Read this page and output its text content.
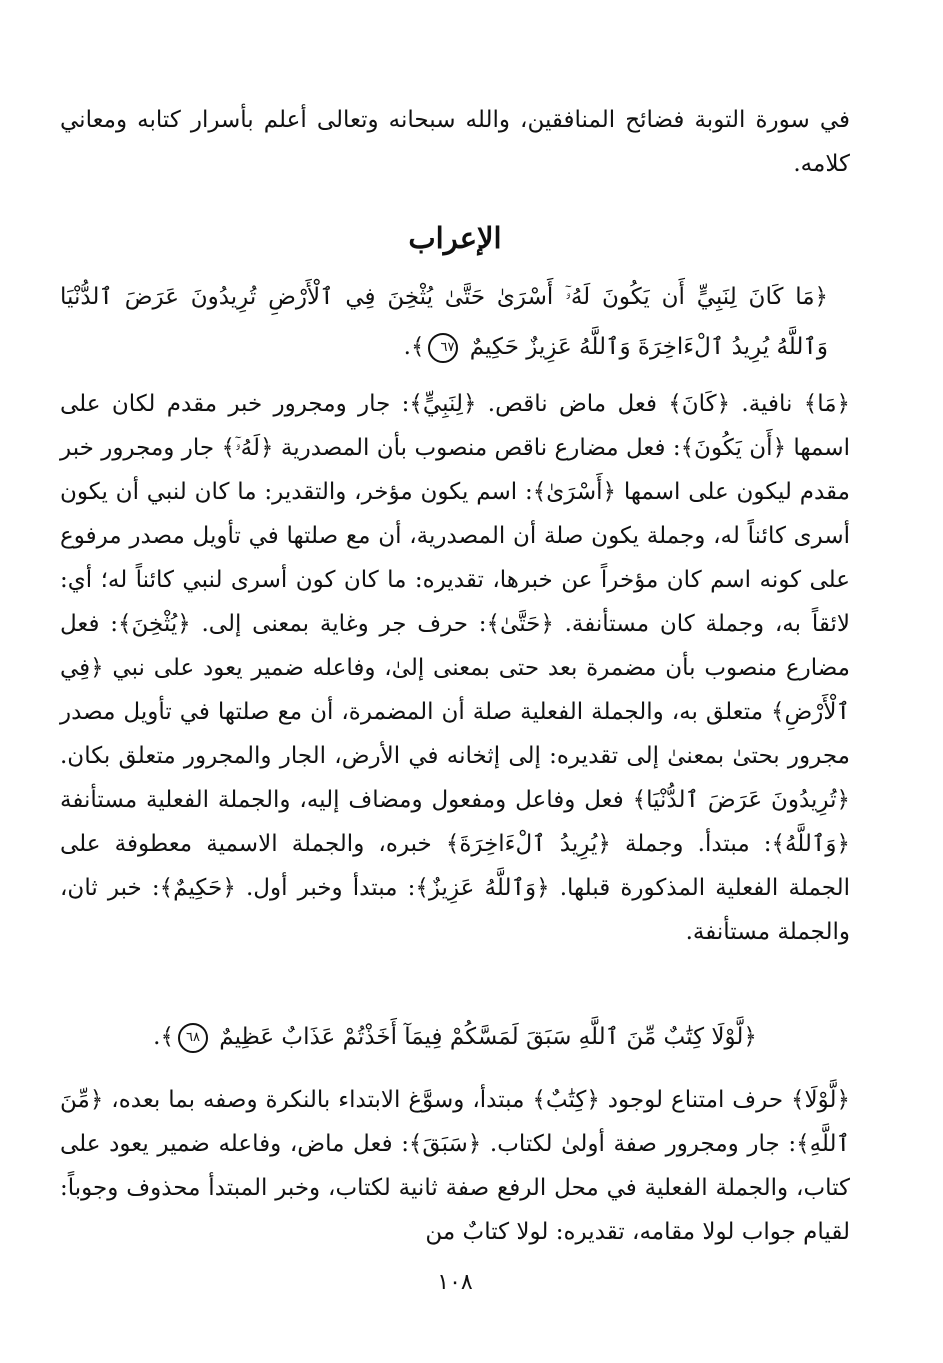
في سورة التوبة فضائح المنافقين، والله سبحانه وتعالى أعلم بأسرار كتابه ومعاني كلامه.
الإعراب
﴿مَا كَانَ لِنَبِيٍّ أَن يَكُونَ لَهُۥٓ أَسْرَىٰ حَتَّىٰ يُثْخِنَ فِي ٱلْأَرْضِ تُرِيدُونَ عَرَضَ ٱلدُّنْيَا وَٱللَّهُ يُرِيدُ ٱلْءَاخِرَةَ وَٱللَّهُ عَزِيزٌ حَكِيمٌ ٦٧﴾.
﴿مَا﴾ نافية. ﴿كَانَ﴾ فعل ماض ناقص. ﴿لِنَبِيٍّ﴾: جار ومجرور خبر مقدم لكان على اسمها ﴿أَن يَكُونَ﴾: فعل مضارع ناقص منصوب بأن المصدرية ﴿لَهُۥٓ﴾ جار ومجرور خبر مقدم ليكون على اسمها ﴿أَسْرَىٰ﴾: اسم يكون مؤخر، والتقدير: ما كان لنبي أن يكون أسرى كائناً له، وجملة يكون صلة أن المصدرية، أن مع صلتها في تأويل مصدر مرفوع على كونه اسم كان مؤخراً عن خبرها، تقديره: ما كان كون أسرى لنبي كائناً له؛ أي: لائقاً به، وجملة كان مستأنفة. ﴿حَتَّىٰ﴾: حرف جر وغاية بمعنى إلى. ﴿يُثْخِنَ﴾: فعل مضارع منصوب بأن مضمرة بعد حتى بمعنى إلىٰ، وفاعله ضمير يعود على نبي ﴿فِي ٱلْأَرْضِ﴾ متعلق به، والجملة الفعلية صلة أن المضمرة، أن مع صلتها في تأويل مصدر مجرور بحتىٰ بمعنىٰ إلى تقديره: إلى إثخانه في الأرض، الجار والمجرور متعلق بكان. ﴿تُرِيدُونَ عَرَضَ ٱلدُّنْيَا﴾ فعل وفاعل ومفعول ومضاف إليه، والجملة الفعلية مستأنفة ﴿وَٱللَّهُ﴾: مبتدأ. وجملة ﴿يُرِيدُ ٱلْءَاخِرَةَ﴾ خبره، والجملة الاسمية معطوفة على الجملة الفعلية المذكورة قبلها. ﴿وَٱللَّهُ عَزِيزٌ﴾: مبتدأ وخبر أول. ﴿حَكِيمٌ﴾: خبر ثان، والجملة مستأنفة.
﴿لَّوْلَا كِتَٰبٌ مِّنَ ٱللَّهِ سَبَقَ لَمَسَّكُمْ فِيمَآ أَخَذْتُمْ عَذَابٌ عَظِيمٌ ٦٨﴾.
﴿لَّوْلَا﴾ حرف امتناع لوجود ﴿كِتَٰبٌ﴾ مبتدأ، وسوَّغ الابتداء بالنكرة وصفه بما بعده، ﴿مِّنَ ٱللَّهِ﴾: جار ومجرور صفة أولىٰ لكتاب. ﴿سَبَقَ﴾: فعل ماض، وفاعله ضمير يعود على كتاب، والجملة الفعلية في محل الرفع صفة ثانية لكتاب، وخبر المبتدأ محذوف وجوباً: لقيام جواب لولا مقامه، تقديره: لولا كتابٌ من
١٠٨
